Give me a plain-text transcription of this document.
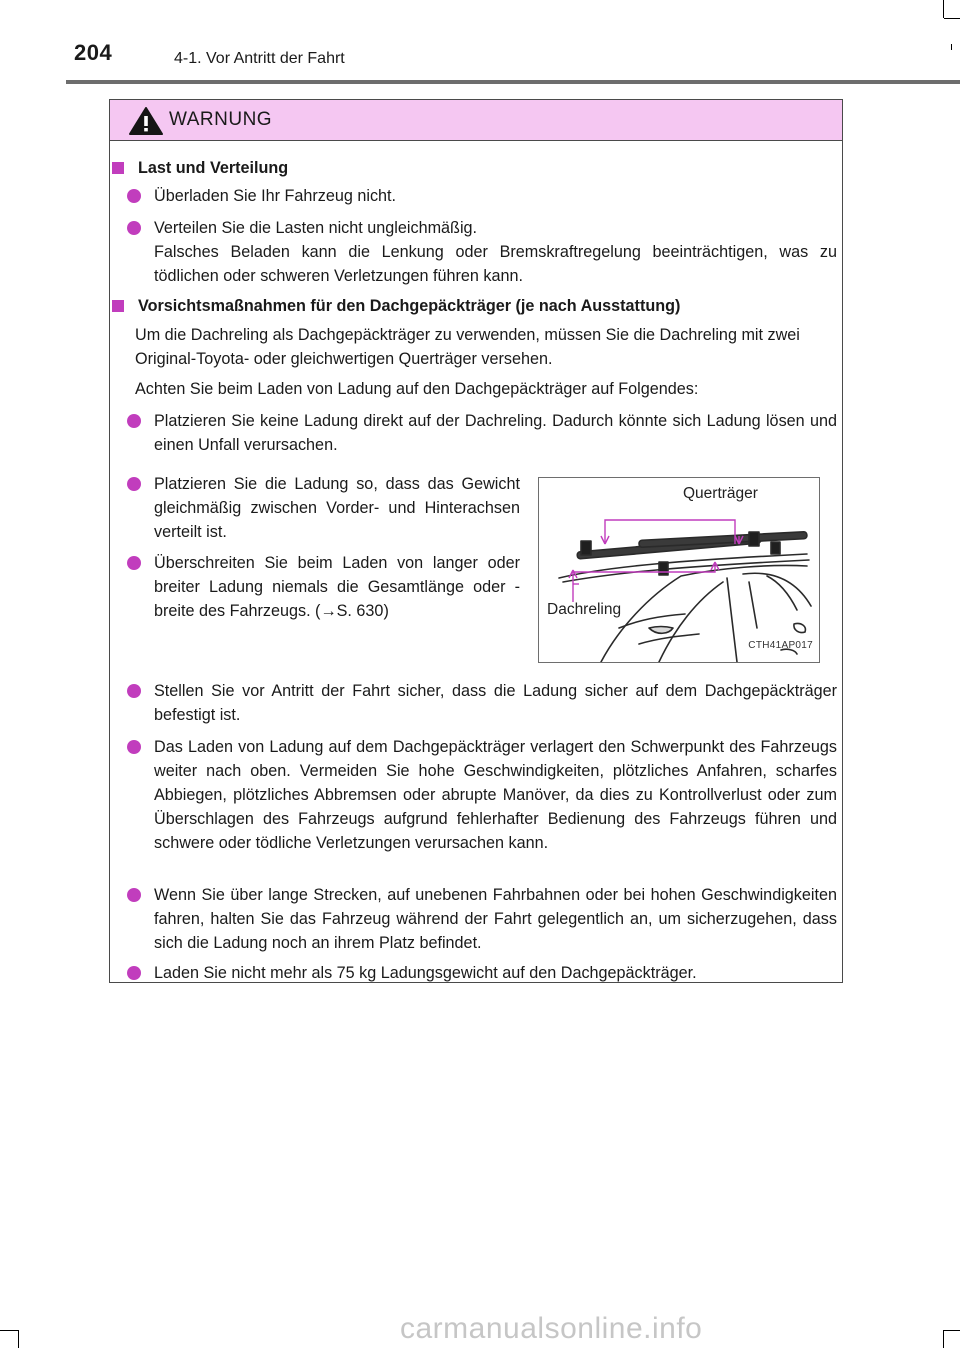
204	4-1. Vor Antritt der Fahrt
WARNUNG
Last und Verteilung
Überladen Sie Ihr Fahrzeug nicht.
Verteilen Sie die Lasten nicht ungleichmäßig.
Falsches Beladen kann die Lenkung oder Bremskraftregelung beeinträchtigen, was zu tödlichen oder schweren Verletzungen führen kann.
Vorsichtsmaßnahmen für den Dachgepäckträger (je nach Ausstattung)
Um die Dachreling als Dachgepäckträger zu verwenden, müssen Sie die Dachreling mit zwei Original-Toyota- oder gleichwertigen Querträger versehen.
Achten Sie beim Laden von Ladung auf den Dachgepäckträger auf Folgendes:
Platzieren Sie keine Ladung direkt auf der Dachreling. Dadurch könnte sich Ladung lösen und einen Unfall verursachen.
Platzieren Sie die Ladung so, dass das Gewicht gleichmäßig zwischen Vorder- und Hinterachsen verteilt ist.
Überschreiten Sie beim Laden von langer oder breiter Ladung niemals die Gesamtlänge oder -breite des Fahrzeugs. (→S. 630)
Querträger
Dachreling
CTH41AP017
Stellen Sie vor Antritt der Fahrt sicher, dass die Ladung sicher auf dem Dachgepäckträger befestigt ist.
Das Laden von Ladung auf dem Dachgepäckträger verlagert den Schwerpunkt des Fahrzeugs weiter nach oben. Vermeiden Sie hohe Geschwindigkeiten, plötzliches Anfahren, scharfes Abbiegen, plötzliches Abbremsen oder abrupte Manöver, da dies zu Kontrollverlust oder zum Überschlagen des Fahrzeugs aufgrund fehlerhafter Bedienung des Fahrzeugs führen und schwere oder tödliche Verletzungen verursachen kann.
Wenn Sie über lange Strecken, auf unebenen Fahrbahnen oder bei hohen Geschwindigkeiten fahren, halten Sie das Fahrzeug während der Fahrt gelegentlich an, um sicherzugehen, dass sich die Ladung noch an ihrem Platz befindet.
Laden Sie nicht mehr als 75 kg Ladungsgewicht auf den Dachgepäckträger.
carmanualsonline.info
